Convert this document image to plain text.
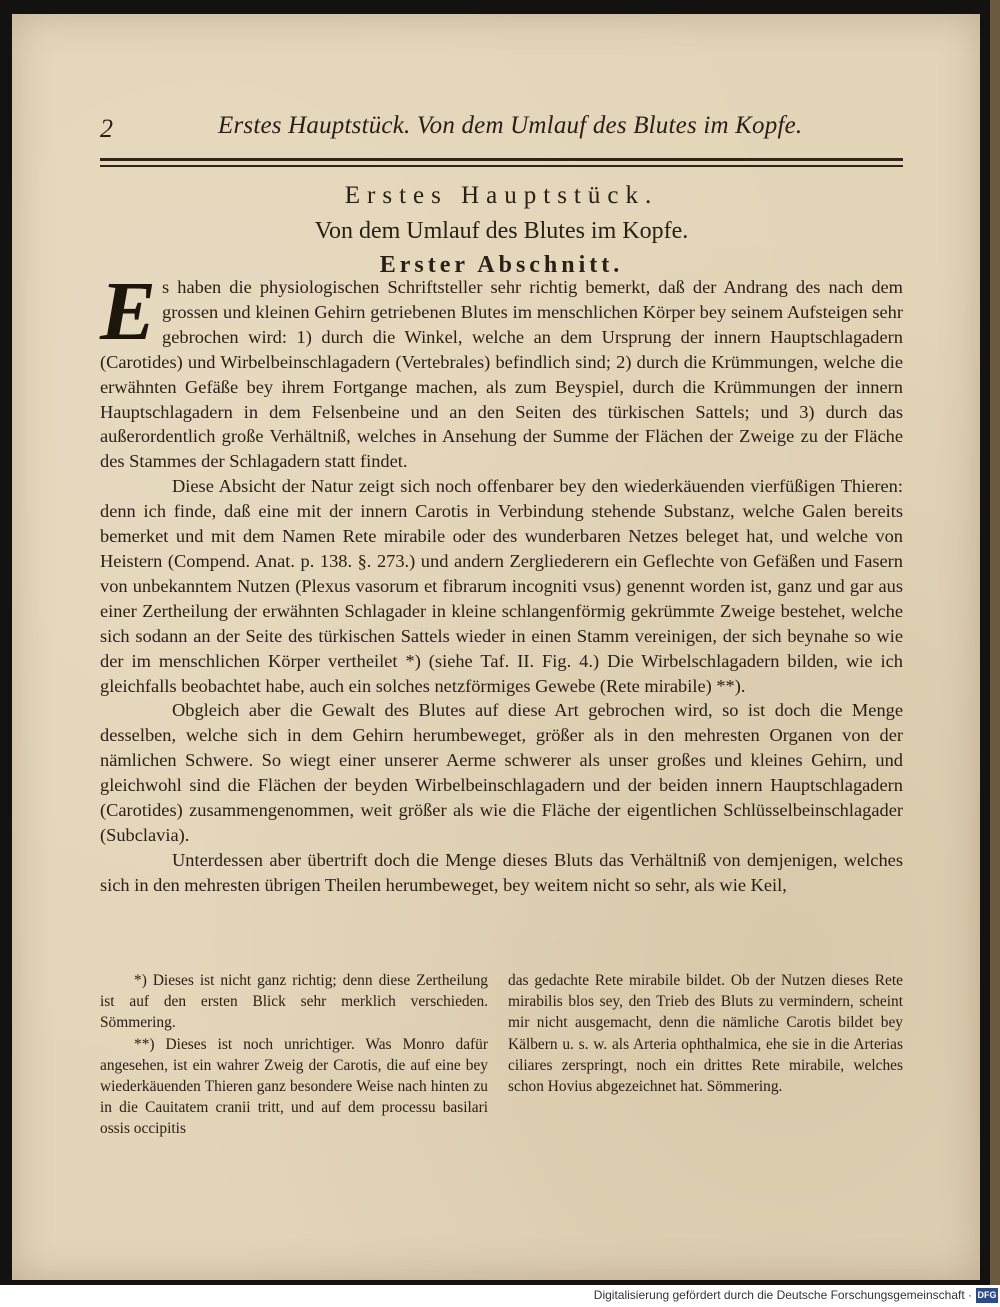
2	Erstes Hauptstück. Von dem Umlauf des Blutes im Kopfe.
Erstes Hauptstück.
Von dem Umlauf des Blutes im Kopfe.
Erster Abschnitt.

Es haben die physiologischen Schriftsteller sehr richtig bemerkt, daß der Andrang des nach dem grossen und kleinen Gehirn getriebenen Blutes im menschlichen Körper bey seinem Aufsteigen sehr gebrochen wird: 1) durch die Winkel, welche an dem Ursprung der innern Hauptschlagadern (Carotides) und Wirbelbeinschlagadern (Vertebrales) befindlich sind; 2) durch die Krümmungen, welche die erwähnten Gefäße bey ihrem Fortgange machen, als zum Beyspiel, durch die Krümmungen der innern Hauptschlagadern in dem Felsenbeine und an den Seiten des türkischen Sattels; und 3) durch das außerordentlich große Verhältniß, welches in Ansehung der Summe der Flächen der Zweige zu der Fläche des Stammes der Schlagadern statt findet.

Diese Absicht der Natur zeigt sich noch offenbarer bey den wiederkäuenden vierfüßigen Thieren: denn ich finde, daß eine mit der innern Carotis in Verbindung stehende Substanz, welche Galen bereits bemerket und mit dem Namen Rete mirabile oder des wunderbaren Netzes beleget hat, und welche von Heistern (Compend. Anat. p. 138. §. 273.) und andern Zergliederern ein Geflechte von Gefäßen und Fasern von unbekanntem Nutzen (Plexus vasorum et fibrarum incogniti vsus) genennt worden ist, ganz und gar aus einer Zertheilung der erwähnten Schlagader in kleine schlangenförmig gekrümmte Zweige bestehet, welche sich sodann an der Seite des türkischen Sattels wieder in einen Stamm vereinigen, der sich beynahe so wie der im menschlichen Körper vertheilet *) (siehe Taf. II. Fig. 4.) Die Wirbelschlagadern bilden, wie ich gleichfalls beobachtet habe, auch ein solches netzförmiges Gewebe (Rete mirabile) **).

Obgleich aber die Gewalt des Blutes auf diese Art gebrochen wird, so ist doch die Menge desselben, welche sich in dem Gehirn herumbeweget, größer als in den mehresten Organen von der nämlichen Schwere. So wiegt einer unserer Aerme schwerer als unser großes und kleines Gehirn, und gleichwohl sind die Flächen der beyden Wirbelbeinschlagadern und der beiden innern Hauptschlagadern (Carotides) zusammengenommen, weit größer als wie die Fläche der eigentlichen Schlüsselbeinschlagader (Subclavia).

Unterdessen aber übertrift doch die Menge dieses Bluts das Verhältniß von demjenigen, welches sich in den mehresten übrigen Theilen herumbeweget, bey weitem nicht so sehr, als wie Keil,

*) Dieses ist nicht ganz richtig; denn diese Zertheilung ist auf den ersten Blick sehr merklich verschieden. Sömmering.

**) Dieses ist noch unrichtiger. Was Monro dafür angesehen, ist ein wahrer Zweig der Carotis, die auf eine bey wiederkäuenden Thieren ganz besondere Weise nach hinten zu in die Cauitatem cranii tritt, und auf dem processu basilari ossis occipitis

das gedachte Rete mirabile bildet. Ob der Nutzen dieses Rete mirabilis blos sey, den Trieb des Bluts zu vermindern, scheint mir nicht ausgemacht, denn die nämliche Carotis bildet bey Kälbern u. s. w. als Arteria ophthalmica, ehe sie in die Arterias ciliares zerspringt, noch ein drittes Rete mirabile, welches schon Hovius abgezeichnet hat. Sömmering.

Digitalisierung gefördert durch die Deutsche Forschungsgemeinschaft · DFG
